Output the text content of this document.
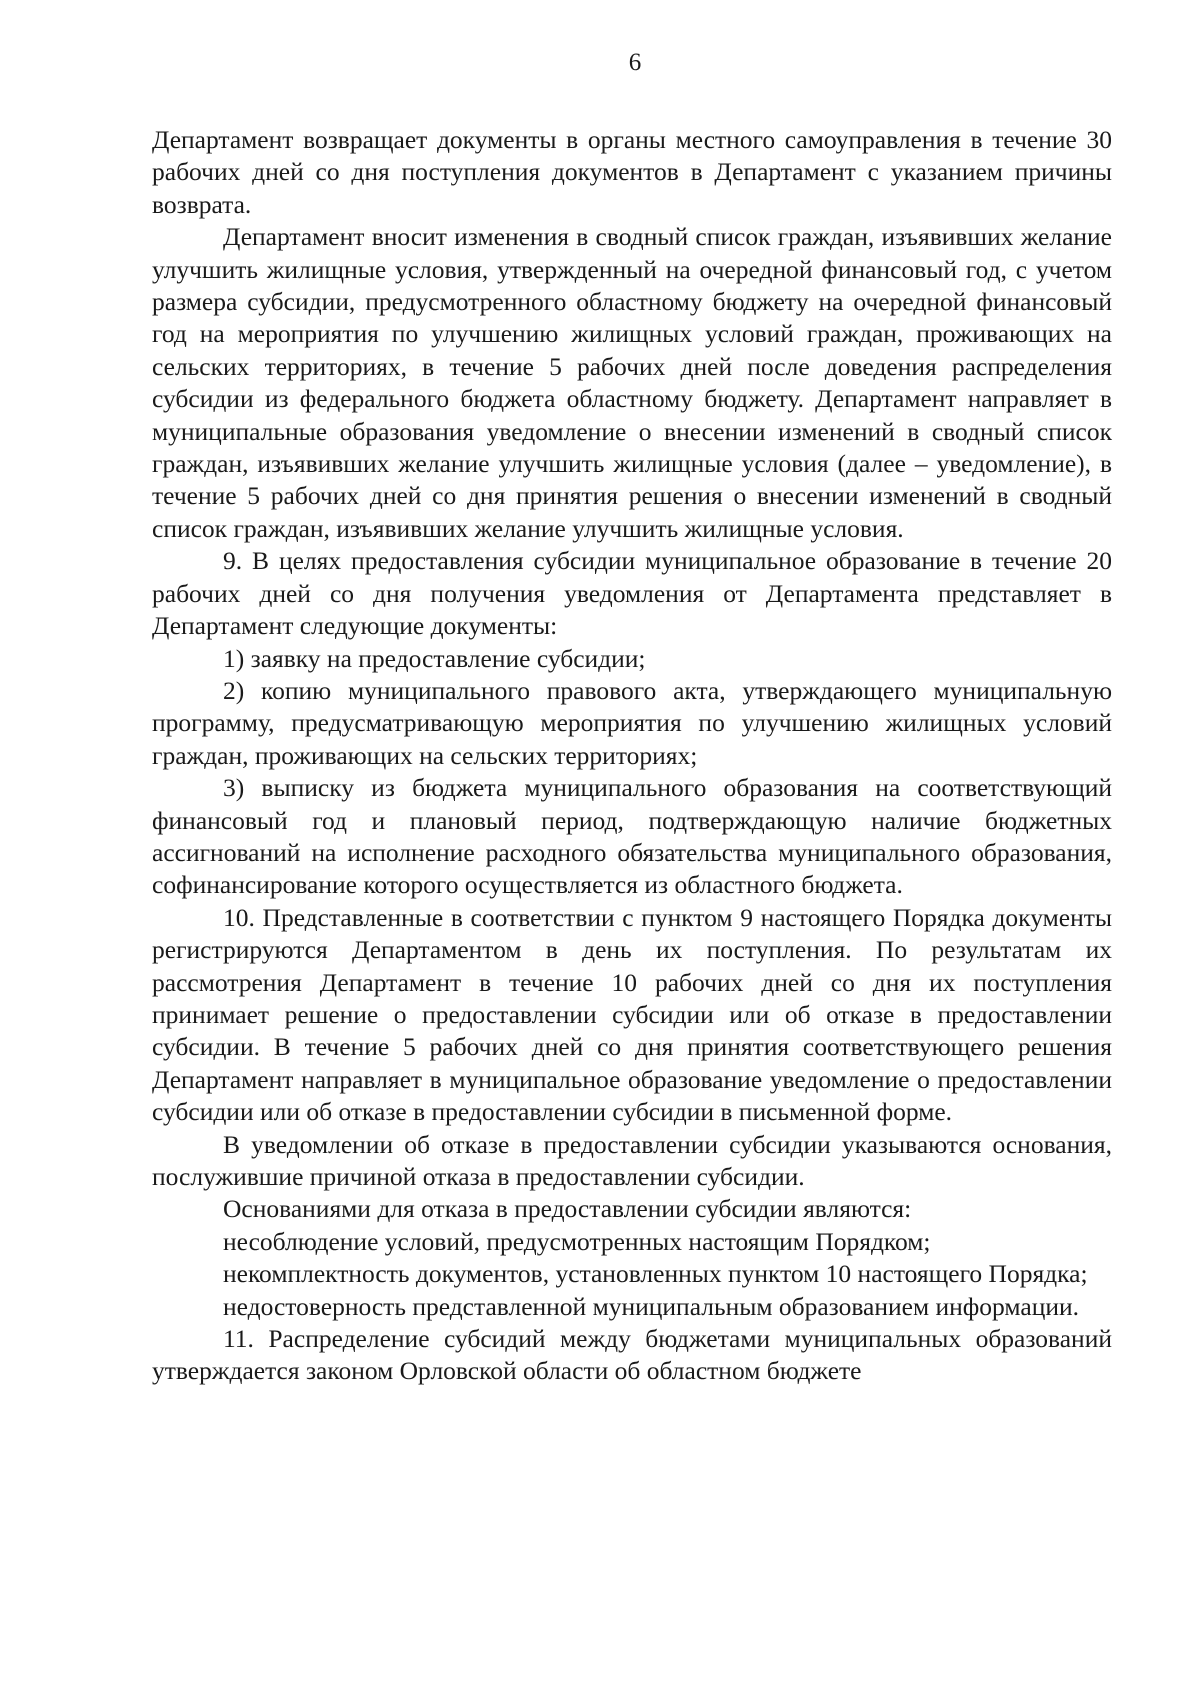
6

Департамент возвращает документы в органы местного самоуправления в течение 30 рабочих дней со дня поступления документов в Департамент с указанием причины возврата.

Департамент вносит изменения в сводный список граждан, изъявивших желание улучшить жилищные условия, утвержденный на очередной финансовый год, с учетом размера субсидии, предусмотренного областному бюджету на очередной финансовый год на мероприятия по улучшению жилищных условий граждан, проживающих на сельских территориях, в течение 5 рабочих дней после доведения распределения субсидии из федерального бюджета областному бюджету. Департамент направляет в муниципальные образования уведомление о внесении изменений в сводный список граждан, изъявивших желание улучшить жилищные условия (далее – уведомление), в течение 5 рабочих дней со дня принятия решения о внесении изменений в сводный список граждан, изъявивших желание улучшить жилищные условия.

9. В целях предоставления субсидии муниципальное образование в течение 20 рабочих дней со дня получения уведомления от Департамента представляет в Департамент следующие документы:

1) заявку на предоставление субсидии;

2) копию муниципального правового акта, утверждающего муниципальную программу, предусматривающую мероприятия по улучшению жилищных условий граждан, проживающих на сельских территориях;

3) выписку из бюджета муниципального образования на соответствующий финансовый год и плановый период, подтверждающую наличие бюджетных ассигнований на исполнение расходного обязательства муниципального образования, софинансирование которого осуществляется из областного бюджета.

10. Представленные в соответствии с пунктом 9 настоящего Порядка документы регистрируются Департаментом в день их поступления. По результатам их рассмотрения Департамент в течение 10 рабочих дней со дня их поступления принимает решение о предоставлении субсидии или об отказе в предоставлении субсидии. В течение 5 рабочих дней со дня принятия соответствующего решения Департамент направляет в муниципальное образование уведомление о предоставлении субсидии или об отказе в предоставлении субсидии в письменной форме.

В уведомлении об отказе в предоставлении субсидии указываются основания, послужившие причиной отказа в предоставлении субсидии.

Основаниями для отказа в предоставлении субсидии являются:

несоблюдение условий, предусмотренных настоящим Порядком;

некомплектность документов, установленных пунктом 10 настоящего Порядка;

недостоверность представленной муниципальным образованием информации.

11. Распределение субсидий между бюджетами муниципальных образований утверждается законом Орловской области об областном бюджете
